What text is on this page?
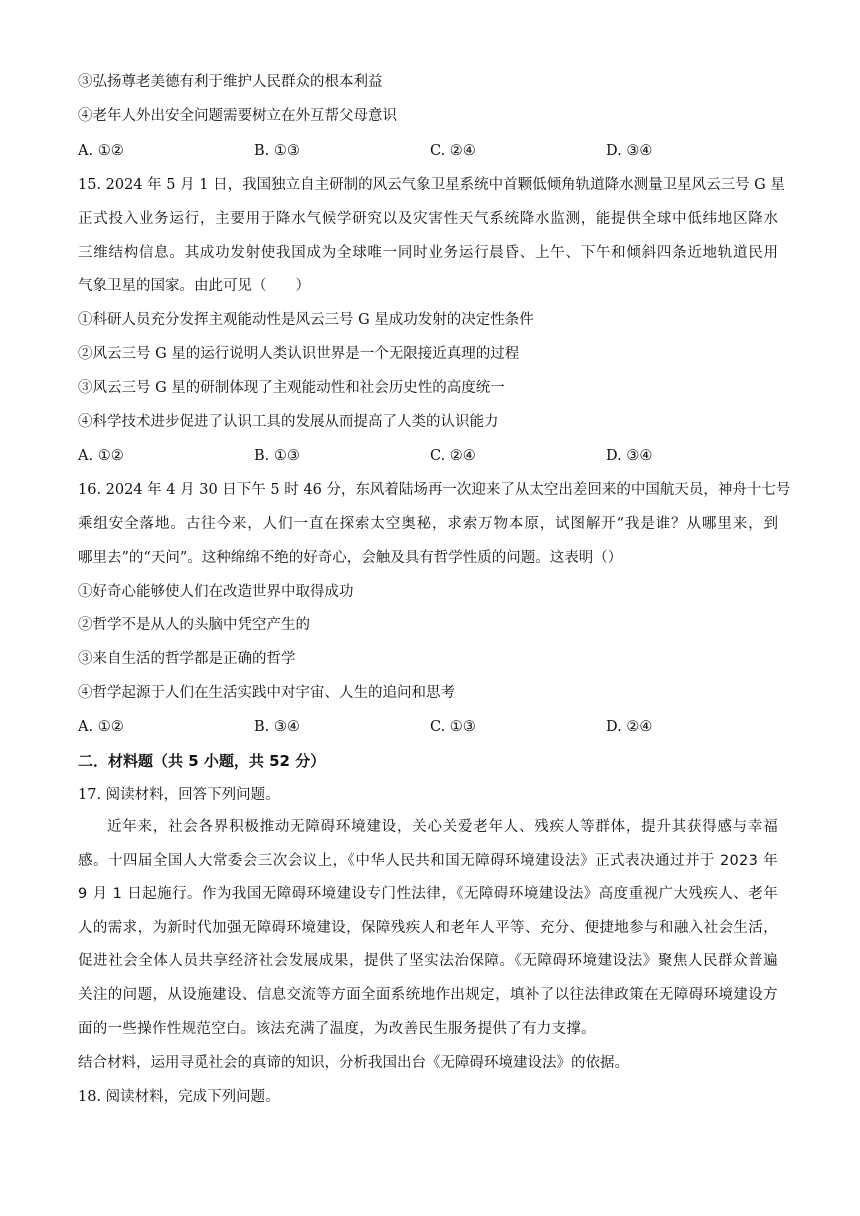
③弘扬尊老美德有利于维护人民群众的根本利益
④老年人外出安全问题需要树立在外互帮父母意识
A. ①②	B. ①③	C. ②④	D. ③④
15. 2024 年 5 月 1 日，我国独立自主研制的风云气象卫星系统中首颗低倾角轨道降水测量卫星风云三号 G 星
正式投入业务运行，主要用于降水气候学研究以及灾害性天气系统降水监测，能提供全球中低纬地区降水
三维结构信息。其成功发射使我国成为全球唯一同时业务运行晨昏、上午、下午和倾斜四条近地轨道民用
气象卫星的国家。由此可见（　　）
①科研人员充分发挥主观能动性是风云三号 G 星成功发射的决定性条件
②风云三号 G 星的运行说明人类认识世界是一个无限接近真理的过程
③风云三号 G 星的研制体现了主观能动性和社会历史性的高度统一
④科学技术进步促进了认识工具的发展从而提高了人类的认识能力
A. ①②	B. ①③	C. ②④	D. ③④
16. 2024 年 4 月 30 日下午 5 时 46 分，东风着陆场再一次迎来了从太空出差回来的中国航天员，神舟十七号
乘组安全落地。古往今来，人们一直在探索太空奥秘，求索万物本原，试图解开“我是谁？从哪里来，到
哪里去”的“天问”。这种绵绵不绝的好奇心，会触及具有哲学性质的问题。这表明（）
①好奇心能够使人们在改造世界中取得成功
②哲学不是从人的头脑中凭空产生的
③来自生活的哲学都是正确的哲学
④哲学起源于人们在生活实践中对宇宙、人生的追问和思考
A. ①②	B. ③④	C. ①③	D. ②④
二．材料题（共 5 小题，共 52 分）
17. 阅读材料，回答下列问题。
近年来，社会各界积极推动无障碍环境建设，关心关爱老年人、残疾人等群体，提升其获得感与幸福感。十四届全国人大常委会三次会议上，《中华人民共和国无障碍环境建设法》正式表决通过并于 2023 年 9 月 1 日起施行。作为我国无障碍环境建设专门性法律，《无障碍环境建设法》高度重视广大残疾人、老年人的需求，为新时代加强无障碍环境建设，保障残疾人和老年人平等、充分、便捷地参与和融入社会生活，促进社会全体人员共享经济社会发展成果，提供了坚实法治保障。《无障碍环境建设法》聚焦人民群众普遍关注的问题，从设施建设、信息交流等方面全面系统地作出规定，填补了以往法律政策在无障碍环境建设方面的一些操作性规范空白。该法充满了温度，为改善民生服务提供了有力支撑。
结合材料，运用寻觅社会的真谛的知识，分析我国出台《无障碍环境建设法》的依据。
18. 阅读材料，完成下列问题。
